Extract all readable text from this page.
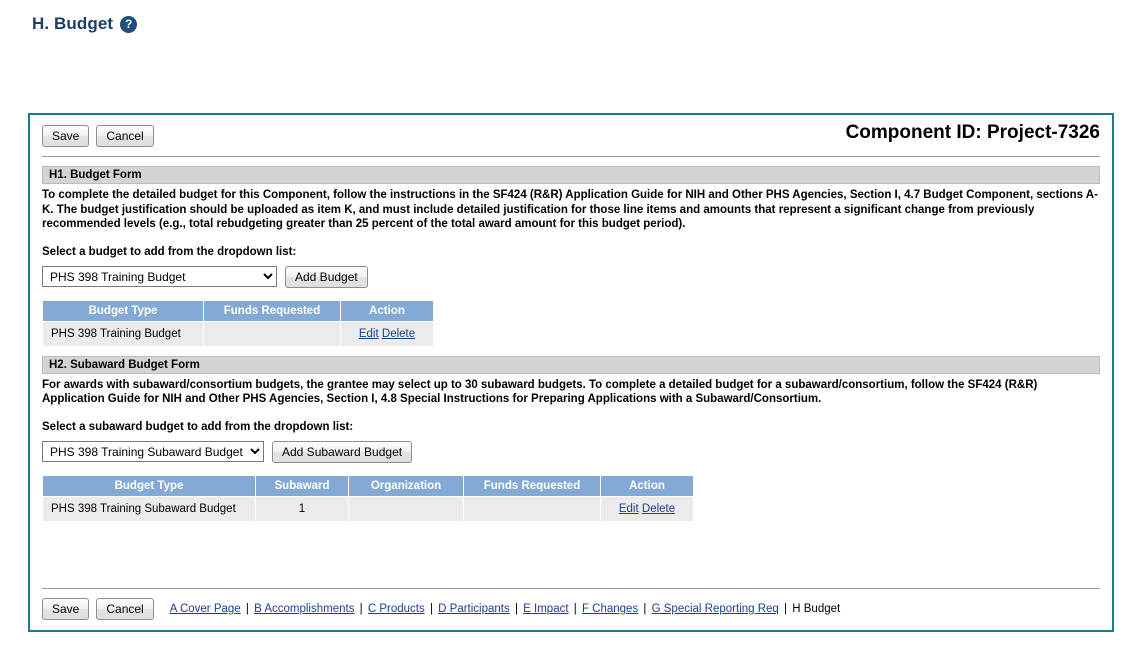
H. Budget ?
Save	Cancel	Component ID: Project-7326
H1. Budget Form
To complete the detailed budget for this Component, follow the instructions in the SF424 (R&R) Application Guide for NIH and Other PHS Agencies, Section I, 4.7 Budget Component, sections A-K. The budget justification should be uploaded as item K, and must include detailed justification for those line items and amounts that represent a significant change from previously recommended levels (e.g., total rebudgeting greater than 25 percent of the total award amount for this budget period).
Select a budget to add from the dropdown list:
PHS 398 Training Budget
Add Budget
Budget Type	Funds Requested	Action
PHS 398 Training Budget		Edit Delete
H2. Subaward Budget Form
For awards with subaward/consortium budgets, the grantee may select up to 30 subaward budgets. To complete a detailed budget for a subaward/consortium, follow the SF424 (R&R) Application Guide for NIH and Other PHS Agencies, Section I, 4.8 Special Instructions for Preparing Applications with a Subaward/Consortium.
Select a subaward budget to add from the dropdown list:
PHS 398 Training Subaward Budget
Add Subaward Budget
Budget Type	Subaward	Organization	Funds Requested	Action
PHS 398 Training Subaward Budget	1			Edit Delete
Save	Cancel	A Cover Page | B Accomplishments | C Products | D Participants | E Impact | F Changes | G Special Reporting Req | H Budget
